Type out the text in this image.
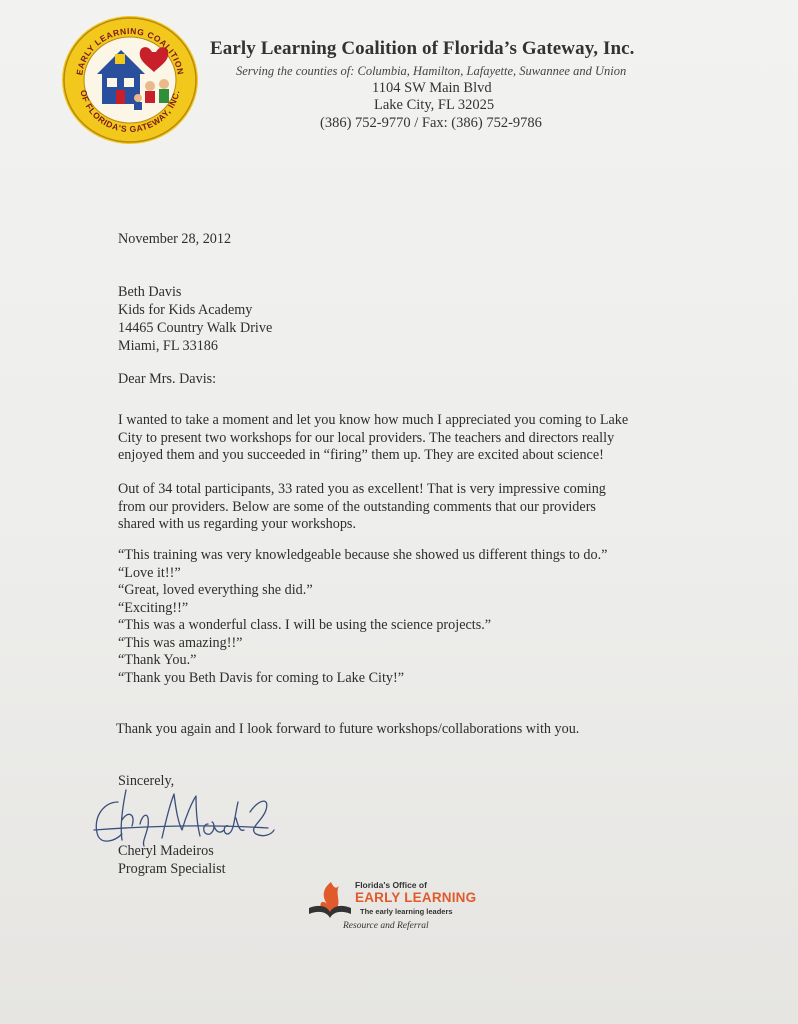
EARLY LEARNING COALITION
OF FLORIDA'S GATEWAY, INC.
Early Learning Coalition of Florida’s Gateway, Inc.
Serving the counties of: Columbia, Hamilton, Lafayette, Suwannee and Union
1104 SW Main Blvd
Lake City, FL 32025
(386) 752-9770 / Fax: (386) 752-9786
November 28, 2012
Beth Davis
Kids for Kids Academy
14465 Country Walk Drive
Miami, FL 33186
Dear Mrs. Davis:
I wanted to take a moment and let you know how much I appreciated you coming to Lake
City to present two workshops for our local providers. The teachers and directors really
enjoyed them and you succeeded in “firing” them up. They are excited about science!
Out of 34 total participants, 33 rated you as excellent! That is very impressive coming
from our providers. Below are some of the outstanding comments that our providers
shared with us regarding your workshops.
“This training was very knowledgeable because she showed us different things to do.”
“Love it!!”
“Great, loved everything she did.”
“Exciting!!”
“This was a wonderful class. I will be using the science projects.”
“This was amazing!!”
“Thank You.”
“Thank you Beth Davis for coming to Lake City!”
Thank you again and I look forward to future workshops/collaborations with you.
Sincerely,
Cheryl Madeiros
Program Specialist
Florida's Office of
EARLY LEARNING
The early learning leaders
Resource and Referral
